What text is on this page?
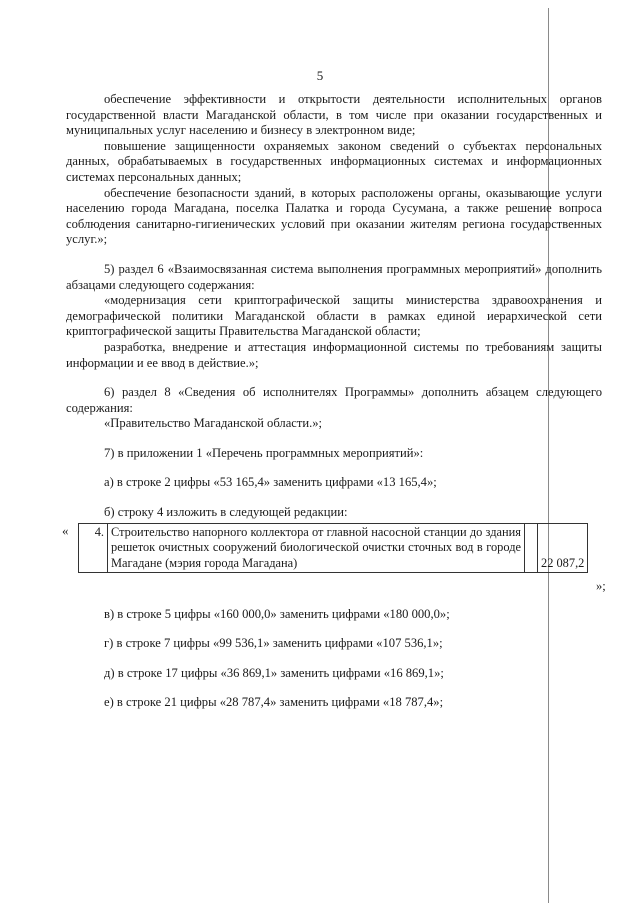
5

обеспечение эффективности и открытости деятельности исполнительных органов государственной власти Магаданской области, в том числе при оказании государственных и муниципальных услуг населению и бизнесу в электронном виде;

повышение защищенности охраняемых законом сведений о субъектах персональных данных, обрабатываемых в государственных информационных системах и информационных системах персональных данных;

обеспечение безопасности зданий, в которых расположены органы, оказывающие услуги населению города Магадана, поселка Палатка и города Сусумана, а также решение вопроса соблюдения санитарно-гигиенических условий при оказании жителям региона государственных услуг.»;

5) раздел 6 «Взаимосвязанная система выполнения программных мероприятий» дополнить абзацами следующего содержания:

«модернизация сети криптографической защиты министерства здравоохранения и демографической политики Магаданской области в рамках единой иерархической сети криптографической защиты Правительства Магаданской области;

разработка, внедрение и аттестация информационной системы по требованиям защиты информации и ее ввод в действие.»;

6) раздел 8 «Сведения об исполнителях Программы» дополнить абзацем следующего содержания:

«Правительство Магаданской области.»;

7) в приложении 1 «Перечень программных мероприятий»:

а) в строке 2 цифры «53 165,4» заменить цифрами «13 165,4»;

б) строку 4 изложить в следующей редакции:

« 4.	Строительство напорного коллектора от главной насосной станции до здания решеток очистных сооружений биологической очистки сточных вод в городе Магадане (мэрия города Магадана)		22 087,2
»;

в) в строке 5 цифры «160 000,0» заменить цифрами «180 000,0»;

г) в строке 7 цифры «99 536,1» заменить цифрами «107 536,1»;

д) в строке 17 цифры «36 869,1» заменить цифрами «16 869,1»;

е) в строке 21 цифры «28 787,4» заменить цифрами «18 787,4»;
